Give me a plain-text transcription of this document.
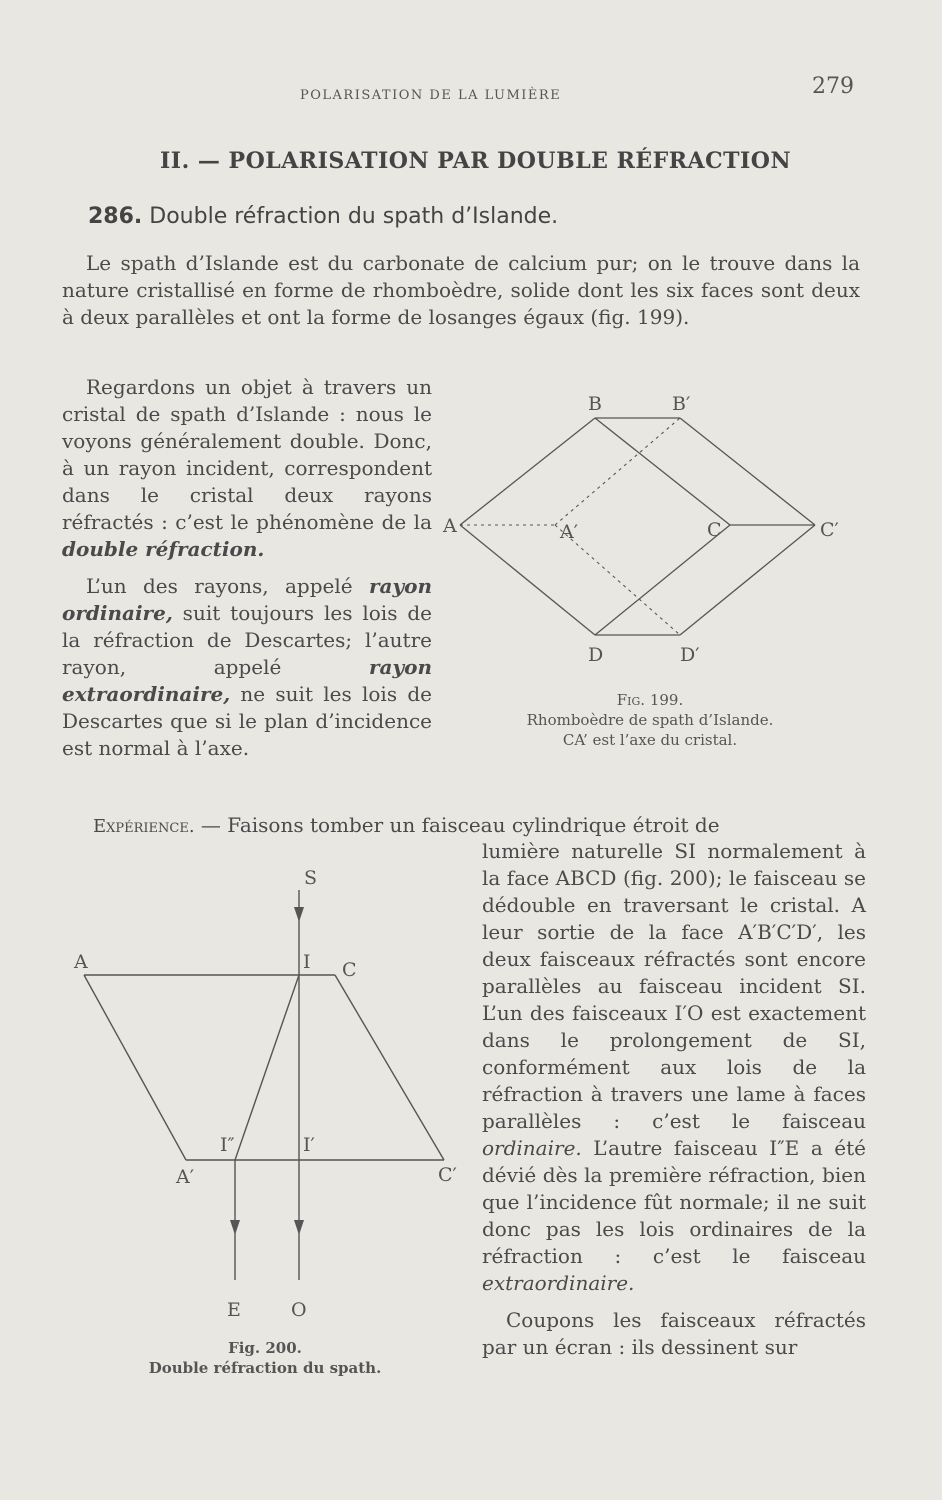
POLARISATION DE LA LUMIÈRE	279
II. — POLARISATION PAR DOUBLE RÉFRACTION
286. Double réfraction du spath d’Islande.

Le spath d’Islande est du carbonate de calcium pur; on le trouve dans la nature cristallisé en forme de rhomboèdre, solide dont les six faces sont deux à deux parallèles et ont la forme de losanges égaux (fig. 199).

Regardons un objet à travers un cristal de spath d’Islande : nous le voyons généralement double. Donc, à un rayon incident, correspondent dans le cristal deux rayons réfractés : c’est le phénomène de la double réfraction.

L’un des rayons, appelé rayon ordinaire, suit toujours les lois de la réfraction de Descartes; l’autre rayon, appelé rayon extraordinaire, ne suit les lois de Descartes que si le plan d’incidence est normal à l’axe.

A
B	B′
A′	C	C′
D	D′
Fig. 199.
Rhomboèdre de spath d’Islande.
CA’ est l’axe du cristal.
Expérience. — Faisons tomber un faisceau cylindrique étroit de

lumière naturelle SI normalement à la face ABCD (fig. 200); le faisceau se dédouble en traversant le cristal. A leur sortie de la face A′B′C′D′, les deux faisceaux réfractés sont encore parallèles au faisceau incident SI. L’un des faisceaux I′O est exactement dans le prolongement de SI, conformément aux lois de la réfraction à travers une lame à faces parallèles : c’est le faisceau ordinaire. L’autre faisceau I″E a été dévié dès la première réfraction, bien que l’incidence fût normale; il ne suit donc pas les lois ordinaires de la réfraction : c’est le faisceau extraordinaire.

Coupons les faisceaux réfractés par un écran : ils dessinent sur

S
A	I C
I″	I′
A′	C′
E	O
Fig. 200.
Double réfraction du spath.
